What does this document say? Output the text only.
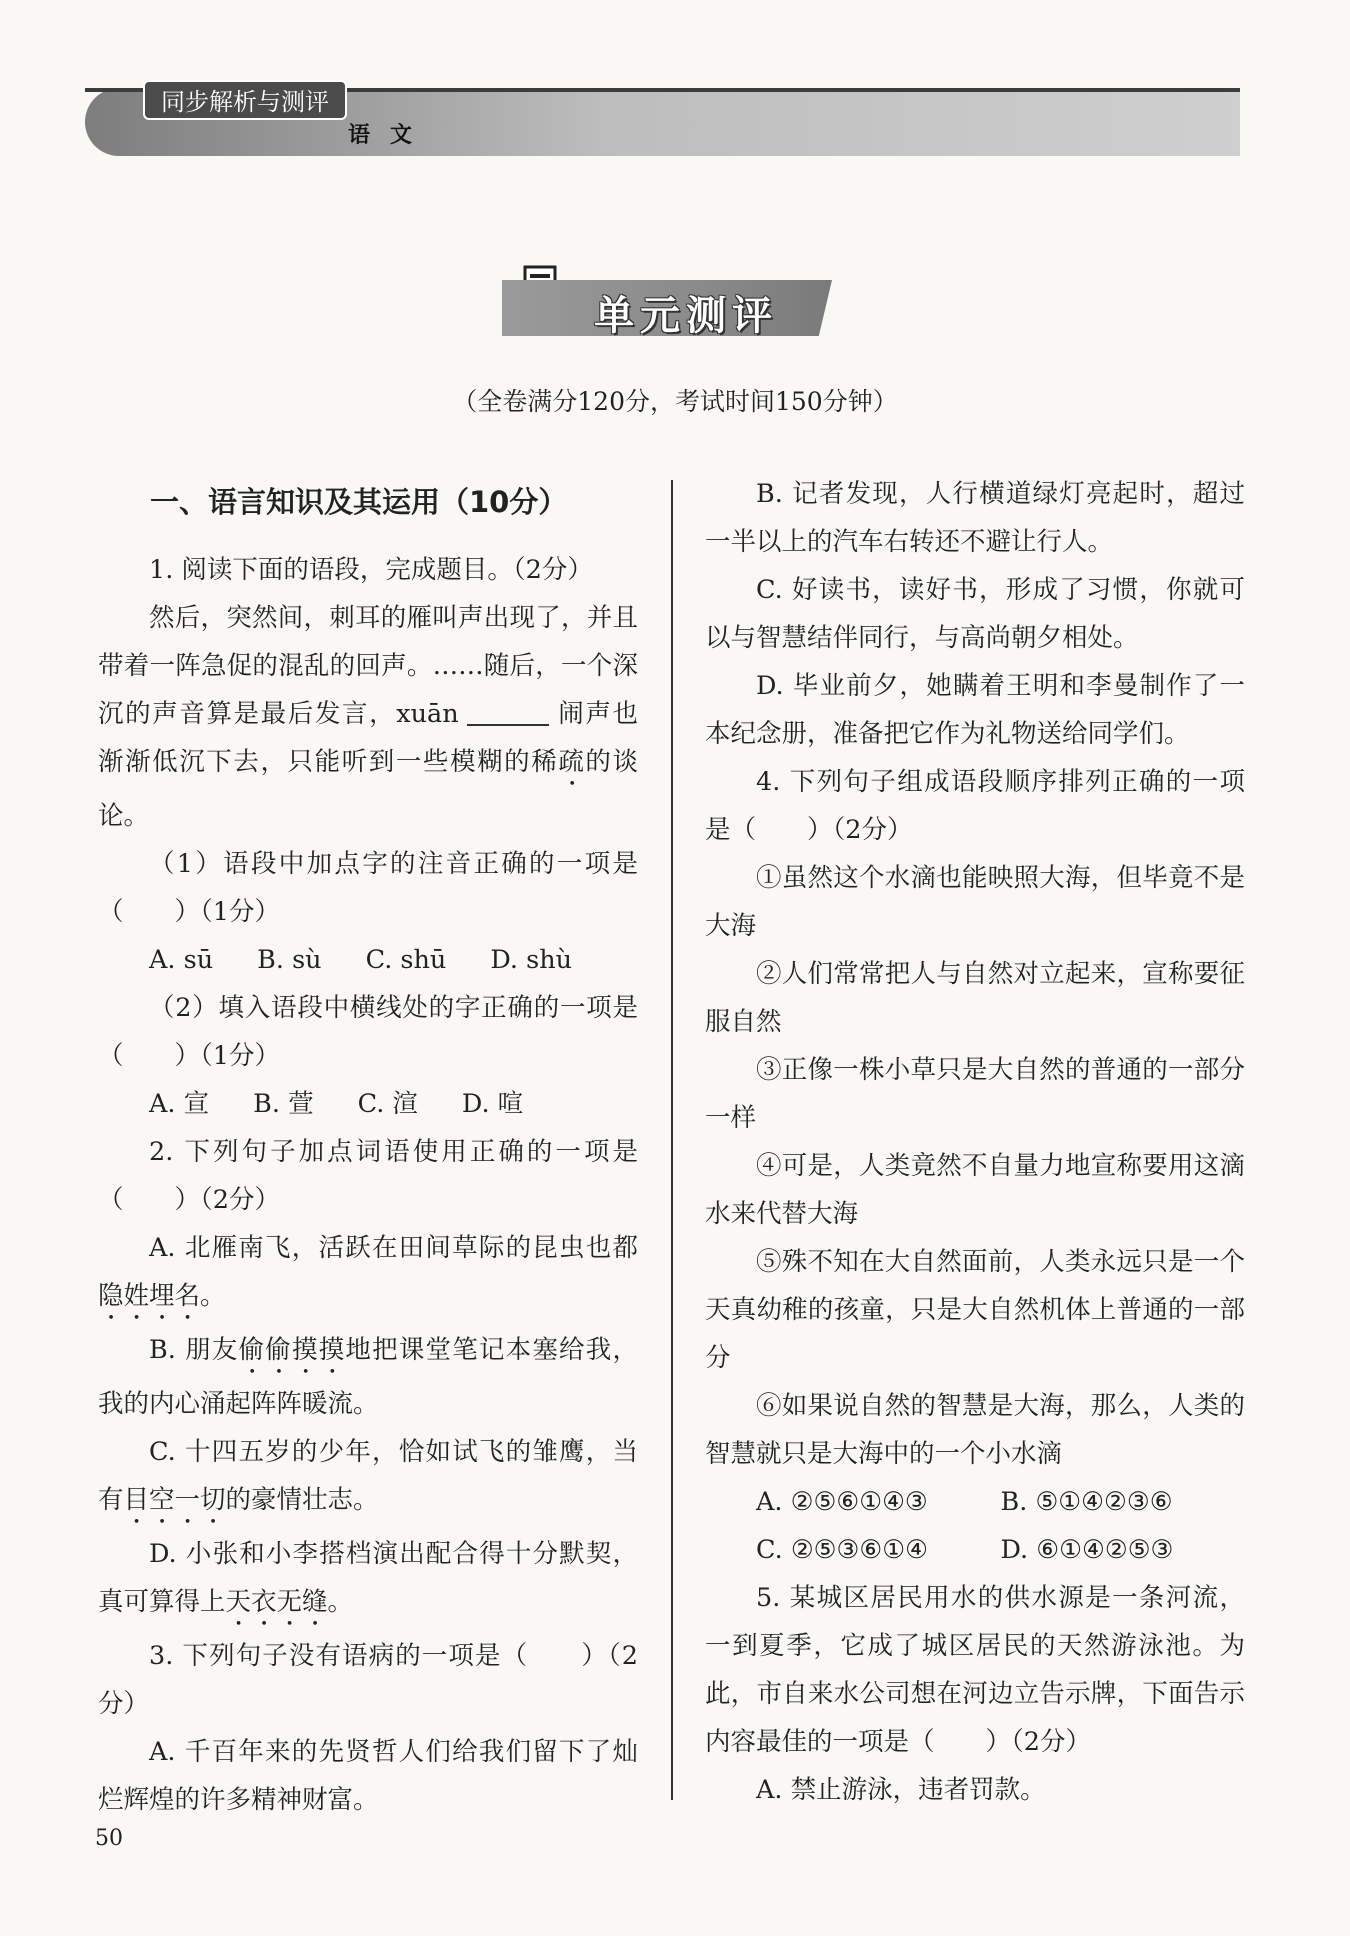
同步解析与测评
语文
单元测评
（全卷满分120分，考试时间150分钟）
一、语言知识及其运用（10分）

1. 阅读下面的语段，完成题目。（2分）

然后，突然间，刺耳的雁叫声出现了，并且带着一阵急促的混乱的回声。……随后，一个深沉的声音算是最后发言，xuān	闹声也渐渐低沉下去，只能听到一些模糊的稀疏的谈论。

（1）语段中加点字的注音正确的一项是（　　）（1分）

A. sū B. sù C. shū D. shù

（2）填入语段中横线处的字正确的一项是（　　）（1分）

A. 宣 B. 萱 C. 渲 D. 喧

2. 下列句子加点词语使用正确的一项是（　　）（2分）

A. 北雁南飞，活跃在田间草际的昆虫也都隐姓埋名。

B. 朋友偷偷摸摸地把课堂笔记本塞给我，我的内心涌起阵阵暖流。

C. 十四五岁的少年，恰如试飞的雏鹰，当有目空一切的豪情壮志。

D. 小张和小李搭档演出配合得十分默契，真可算得上天衣无缝。

3. 下列句子没有语病的一项是（　　）（2分）

A. 千百年来的先贤哲人们给我们留下了灿烂辉煌的许多精神财富。

B. 记者发现，人行横道绿灯亮起时，超过一半以上的汽车右转还不避让行人。

C. 好读书，读好书，形成了习惯，你就可以与智慧结伴同行，与高尚朝夕相处。

D. 毕业前夕，她瞒着王明和李曼制作了一本纪念册，准备把它作为礼物送给同学们。

4. 下列句子组成语段顺序排列正确的一项是（　　）（2分）

①虽然这个水滴也能映照大海，但毕竟不是大海

②人们常常把人与自然对立起来，宣称要征服自然

③正像一株小草只是大自然的普通的一部分一样

④可是，人类竟然不自量力地宣称要用这滴水来代替大海

⑤殊不知在大自然面前，人类永远只是一个天真幼稚的孩童，只是大自然机体上普通的一部分

⑥如果说自然的智慧是大海，那么，人类的智慧就只是大海中的一个小水滴

A. ②⑤⑥①④③	B. ⑤①④②③⑥
C. ②⑤③⑥①④	D. ⑥①④②⑤③

5. 某城区居民用水的供水源是一条河流，一到夏季，它成了城区居民的天然游泳池。为此，市自来水公司想在河边立告示牌，下面告示内容最佳的一项是（　　）（2分）

A. 禁止游泳，违者罚款。

50
